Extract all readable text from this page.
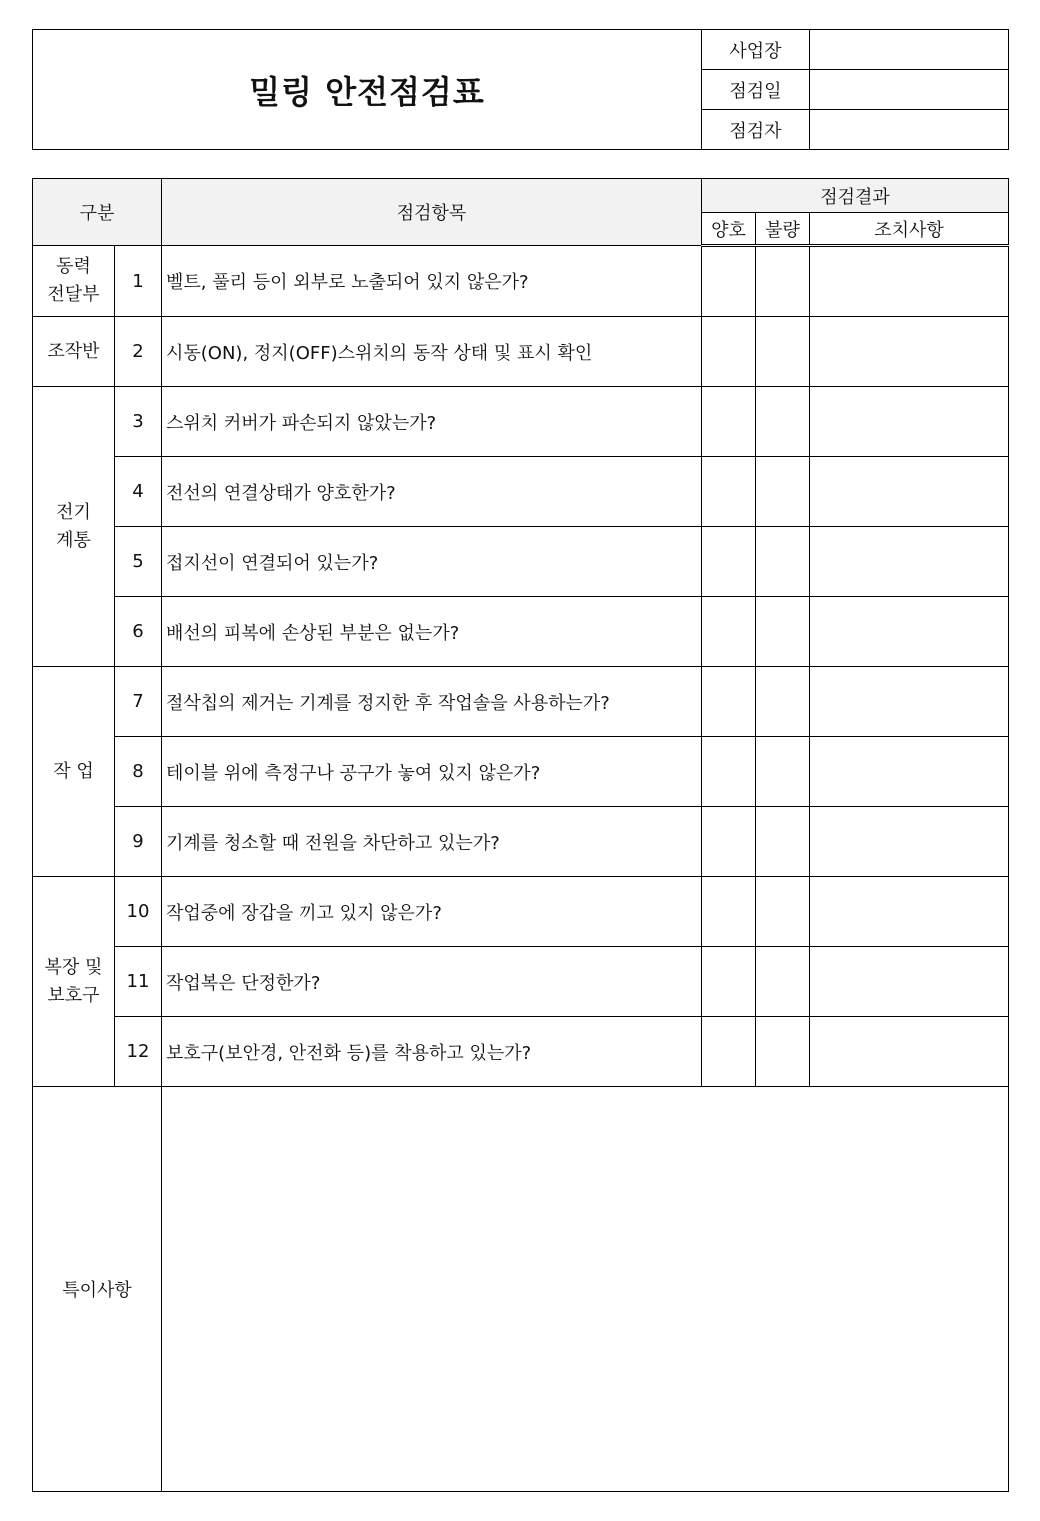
밀링 안전점검표	사업장	
	점검일	
	점검자	
구분		점검항목	점검결과		
			양호	불량	조치사항
동력
전달부	1	벨트, 풀리 등이 외부로 노출되어 있지 않은가?			
조작반	2	시동(ON), 정지(OFF)스위치의 동작 상태 및 표시 확인			
전기
계통	3	스위치 커버가 파손되지 않았는가?			
	4	전선의 연결상태가 양호한가?			
	5	접지선이 연결되어 있는가?			
	6	배선의 피복에 손상된 부분은 없는가?			
작 업	7	절삭칩의 제거는 기계를 정지한 후 작업솔을 사용하는가?			
	8	테이블 위에 측정구나 공구가 놓여 있지 않은가?			
	9	기계를 청소할 때 전원을 차단하고 있는가?			
복장 및
보호구	10	작업중에 장갑을 끼고 있지 않은가?			
	11	작업복은 단정한가?			
	12	보호구(보안경, 안전화 등)를 착용하고 있는가?			
특이사항					
